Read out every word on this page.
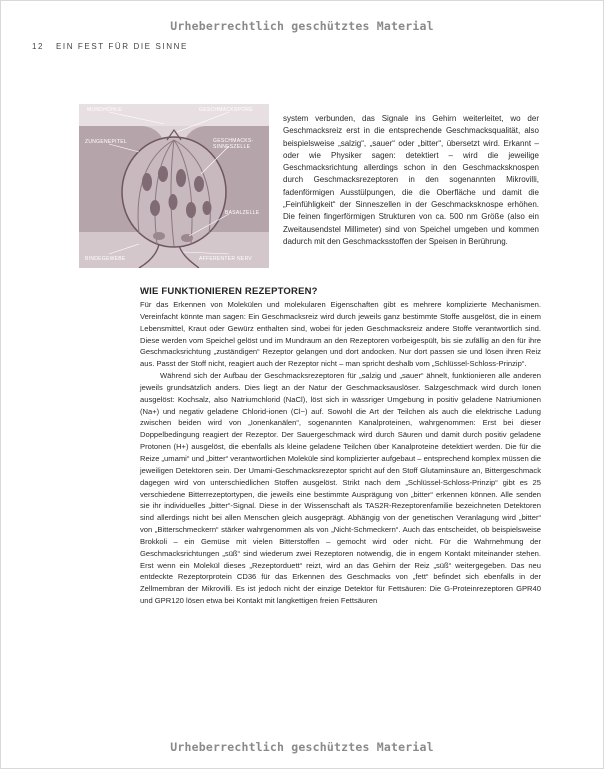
Urheberrechtlich geschütztes Material
12 EIN FEST FÜR DIE SINNE
MUNDHÖHLE	GESCHMACKSPORE
ZUNGENEPITEL	GESCHMACKS-
SINNESZELLE
BASALZELLE
BINDEGEWEBE	AFFERENTER NERV

system verbunden, das Signale ins Gehirn weiterleitet, wo der Geschmacksreiz erst in die entsprechende Geschmacksqualität, also beispielsweise „salzig“, „sauer“ oder „bitter“, übersetzt wird. Erkannt – oder wie Physiker sagen: detektiert – wird die jeweilige Geschmacksrichtung allerdings schon in den Geschmacksknospen durch Geschmacksrezeptoren in den sogenannten Mikrovilli, fadenförmigen Ausstülpungen, die die Oberfläche und damit die „Feinfühligkeit“ der Sinneszellen in der Geschmacksknospe erhöhen. Die feinen fingerförmigen Strukturen von ca. 500 nm Größe (also ein Zweitausendstel Millimeter) sind von Speichel umgeben und kommen dadurch mit den Geschmacksstoffen der Speisen in Berührung.

WIE FUNKTIONIEREN REZEPTOREN?

Für das Erkennen von Molekülen und molekularen Eigenschaften gibt es mehrere komplizierte Mechanismen. Vereinfacht könnte man sagen: Ein Geschmacksreiz wird durch jeweils ganz bestimmte Stoffe ausgelöst, die in einem Lebensmittel, Kraut oder Gewürz enthalten sind, wobei für jeden Geschmacksreiz andere Stoffe verantwortlich sind. Diese werden vom Speichel gelöst und im Mundraum an den Rezeptoren vorbeigespült, bis sie zufällig an den für ihre Geschmacksrichtung „zuständigen“ Rezeptor gelangen und dort andocken. Nur dort passen sie und lösen ihren Reiz aus. Passt der Stoff nicht, reagiert auch der Rezeptor nicht – man spricht deshalb vom „Schlüssel-Schloss-Prinzip“.

Während sich der Aufbau der Geschmacksrezeptoren für „salzig und „sauer“ ähnelt, funktionieren alle anderen jeweils grundsätzlich anders. Dies liegt an der Natur der Geschmacksauslöser. Salzgeschmack wird durch Ionen ausgelöst: Kochsalz, also Natriumchlorid (NaCl), löst sich in wässriger Umgebung in positiv geladene Natriumionen (Na+) und negativ geladene Chlorid-ionen (Cl−) auf. Sowohl die Art der Teilchen als auch die elektrische Ladung zwischen beiden wird von „Ionenkanälen“, sogenannten Kanalproteinen, wahrgenommen: Erst bei dieser Doppelbedingung reagiert der Rezeptor. Der Sauergeschmack wird durch Säuren und damit durch positiv geladene Protonen (H+) ausgelöst, die ebenfalls als kleine geladene Teilchen über Kanalproteine detektiert werden. Die für die Reize „umami“ und „bitter“ verantwortlichen Moleküle sind komplizierter aufgebaut – entsprechend komplex müssen die jeweiligen Detektoren sein. Der Umami-Geschmacksrezeptor spricht auf den Stoff Glutaminsäure an, Bittergeschmack dagegen wird von unterschiedlichen Stoffen ausgelöst. Strikt nach dem „Schlüssel-Schloss-Prinzip“ gibt es 25 verschiedene Bitterrezeptortypen, die jeweils eine bestimmte Ausprägung von „bitter“ erkennen können. Alle senden sie ihr individuelles „bitter“-Signal. Diese in der Wissenschaft als TAS2R-Rezeptorenfamilie bezeichneten Detektoren sind allerdings nicht bei allen Menschen gleich ausgeprägt. Abhängig von der genetischen Veranlagung wird „bitter“ von „Bitterschmeckern“ stärker wahrgenommen als von „Nicht-Schmeckern“. Auch das entscheidet, ob beispielsweise Brokkoli – ein Gemüse mit vielen Bitterstoffen – gemocht wird oder nicht. Für die Wahrnehmung der Geschmacksrichtungen „süß“ sind wiederum zwei Rezeptoren notwendig, die in engem Kontakt miteinander stehen. Erst wenn ein Molekül dieses „Rezeptorduett“ reizt, wird an das Gehirn der Reiz „süß“ weitergegeben. Das neu entdeckte Rezeptorprotein CD36 für das Erkennen des Geschmacks von „fett“ befindet sich ebenfalls in der Zellmembran der Mikrovilli. Es ist jedoch nicht der einzige Detektor für Fettsäuren: Die G-Proteinrezeptoren GPR40 und GPR120 lösen etwa bei Kontakt mit langkettigen freien Fettsäuren

Urheberrechtlich geschütztes Material
